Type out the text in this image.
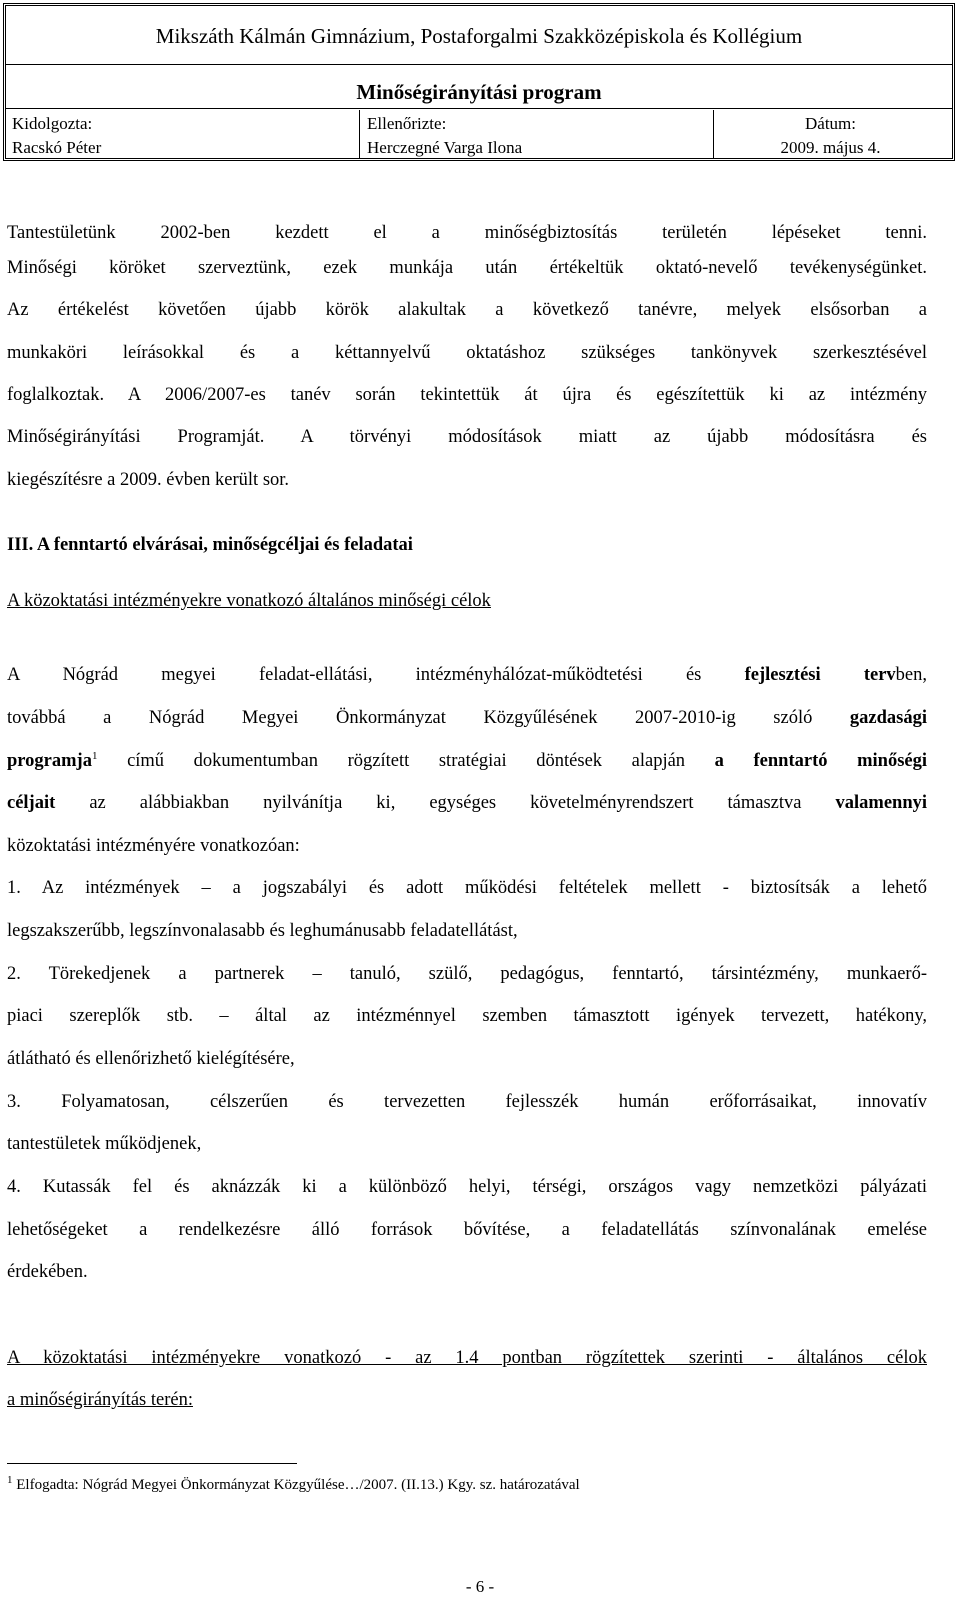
Mikszáth Kálmán Gimnázium, Postaforgalmi Szakközépiskola és Kollégium
Minőségirányítási program
Kidolgozta:
Racskó Péter
Ellenőrizte:
Herczegné Varga Ilona
Dátum:
2009. május 4.
Tantestületünk 2002-ben kezdett el a minőségbiztosítás területén lépéseket tenni.
Minőségi köröket szerveztünk, ezek munkája után értékeltük oktató-nevelő tevékenységünket.
Az értékelést követően újabb körök alakultak a következő tanévre, melyek elsősorban a
munkaköri leírásokkal és a kéttannyelvű oktatáshoz szükséges tankönyvek szerkesztésével
foglalkoztak. A 2006/2007-es tanév során tekintettük át újra és egészítettük ki az intézmény
Minőségirányítási Programját. A törvényi módosítások miatt az újabb módosításra és
kiegészítésre a 2009. évben került sor.
III. A fenntartó elvárásai, minőségcéljai és feladatai
A közoktatási intézményekre vonatkozó általános minőségi célok
A Nógrád megyei feladat-ellátási, intézményhálózat-működtetési és fejlesztési tervben,
továbbá a Nógrád Megyei Önkormányzat Közgyűlésének 2007-2010-ig szóló gazdasági
programja$^1$ című dokumentumban rögzített stratégiai döntések alapján a fenntartó minőségi
céljait az alábbiakban nyilvánítja ki, egységes követelményrendszert támasztva valamennyi
közoktatási intézményére vonatkozóan:
1. Az intézmények – a jogszabályi és adott működési feltételek mellett - biztosítsák a lehető
legszakszerűbb, legszínvonalasabb és leghumánusabb feladatellátást,
2. Törekedjenek a partnerek – tanuló, szülő, pedagógus, fenntartó, társintézmény, munkaerő-
piaci szereplők stb. – által az intézménnyel szemben támasztott igények tervezett, hatékony,
átlátható és ellenőrizhető kielégítésére,
3. Folyamatosan, célszerűen és tervezetten fejlesszék humán erőforrásaikat, innovatív
tantestületek működjenek,
4. Kutassák fel és aknázzák ki a különböző helyi, térségi, országos vagy nemzetközi pályázati
lehetőségeket a rendelkezésre álló források bővítése, a feladatellátás színvonalának emelése
érdekében.
A közoktatási intézményekre vonatkozó - az 1.4 pontban rögzítettek szerinti - általános célok
a minőségirányítás terén:
$^1$ Elfogadta: Nógrád Megyei Önkormányzat Közgyűlése…/2007. (II.13.) Kgy. sz. határozatával
- 6 -
